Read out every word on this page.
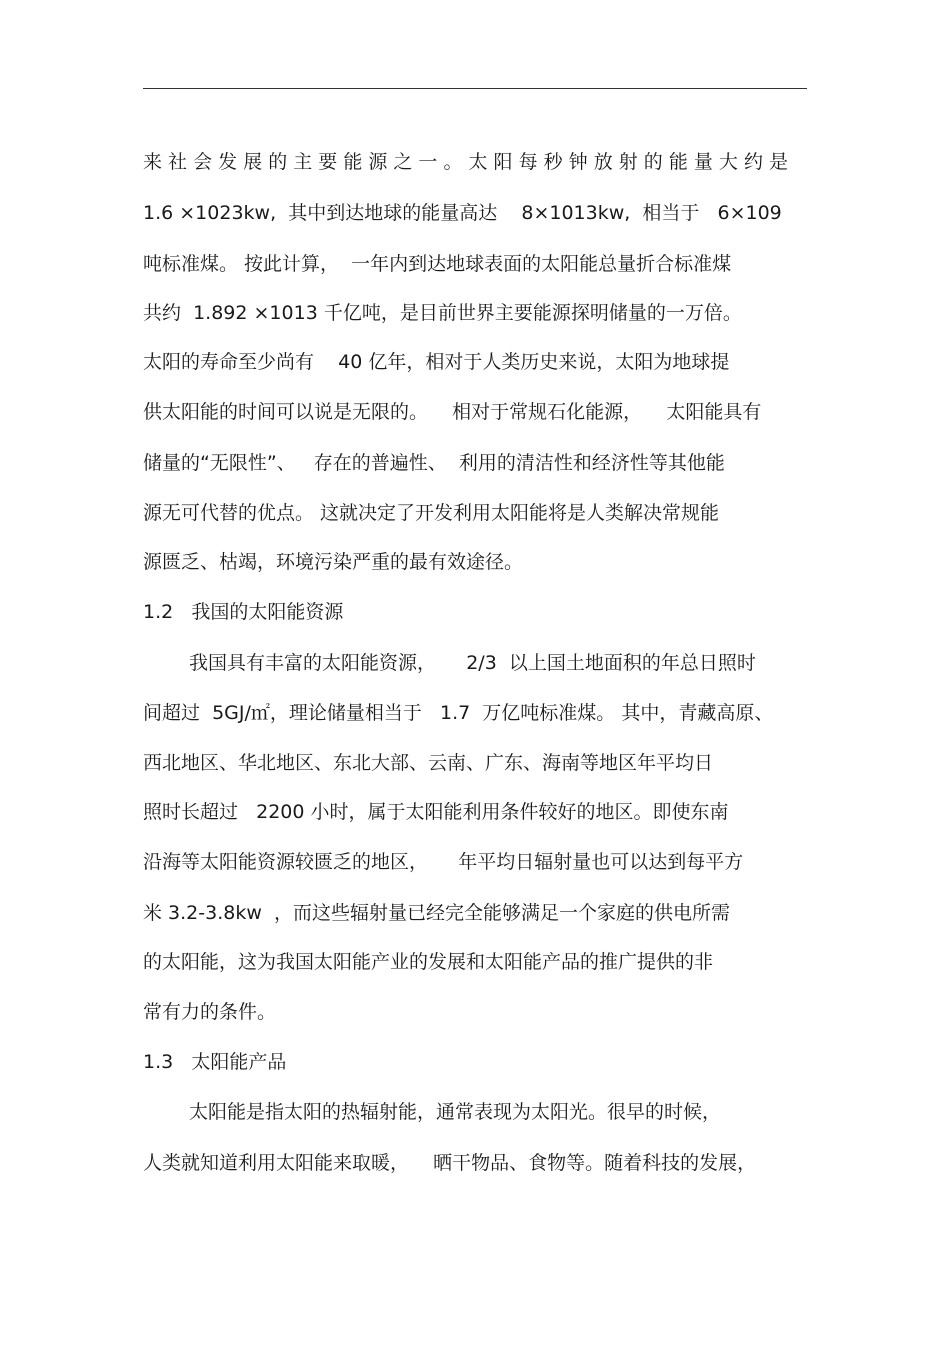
来 社 会 发 展 的 主 要 能 源 之 一 。 太 阳 每 秒 钟 放 射 的 能 量 大 约 是
1.6 ×1023kw,  其中到达地球的能量高达    8×1013kw,  相当于   6×109
吨标准煤。 按此计算，  一年内到达地球表面的太阳能总量折合标准煤
共约  1.892 ×1013 千亿吨，是目前世界主要能源探明储量的一万倍。
太阳的寿命至少尚有    40 亿年，相对于人类历史来说，太阳为地球提
供太阳能的时间可以说是无限的。    相对于常规石化能源，    太阳能具有
储量的“无限性”、   存在的普遍性、  利用的清洁性和经济性等其他能
源无可代替的优点。 这就决定了开发利用太阳能将是人类解决常规能
源匮乏、枯竭，环境污染严重的最有效途径。
1.2   我国的太阳能资源
我国具有丰富的太阳能资源，     2/3  以上国土地面积的年总日照时
间超过  5GJ/㎡，理论储量相当于   1.7  万亿吨标准煤。 其中，青藏高原、
西北地区、华北地区、东北大部、云南、广东、海南等地区年平均日
照时长超过   2200 小时，属于太阳能利用条件较好的地区。即使东南
沿海等太阳能资源较匮乏的地区，     年平均日辐射量也可以达到每平方
米 3.2-3.8kw  ，而这些辐射量已经完全能够满足一个家庭的供电所需
的太阳能，这为我国太阳能产业的发展和太阳能产品的推广提供的非
常有力的条件。
1.3   太阳能产品
太阳能是指太阳的热辐射能，通常表现为太阳光。很早的时候，
人类就知道利用太阳能来取暖，    晒干物品、食物等。随着科技的发展，
